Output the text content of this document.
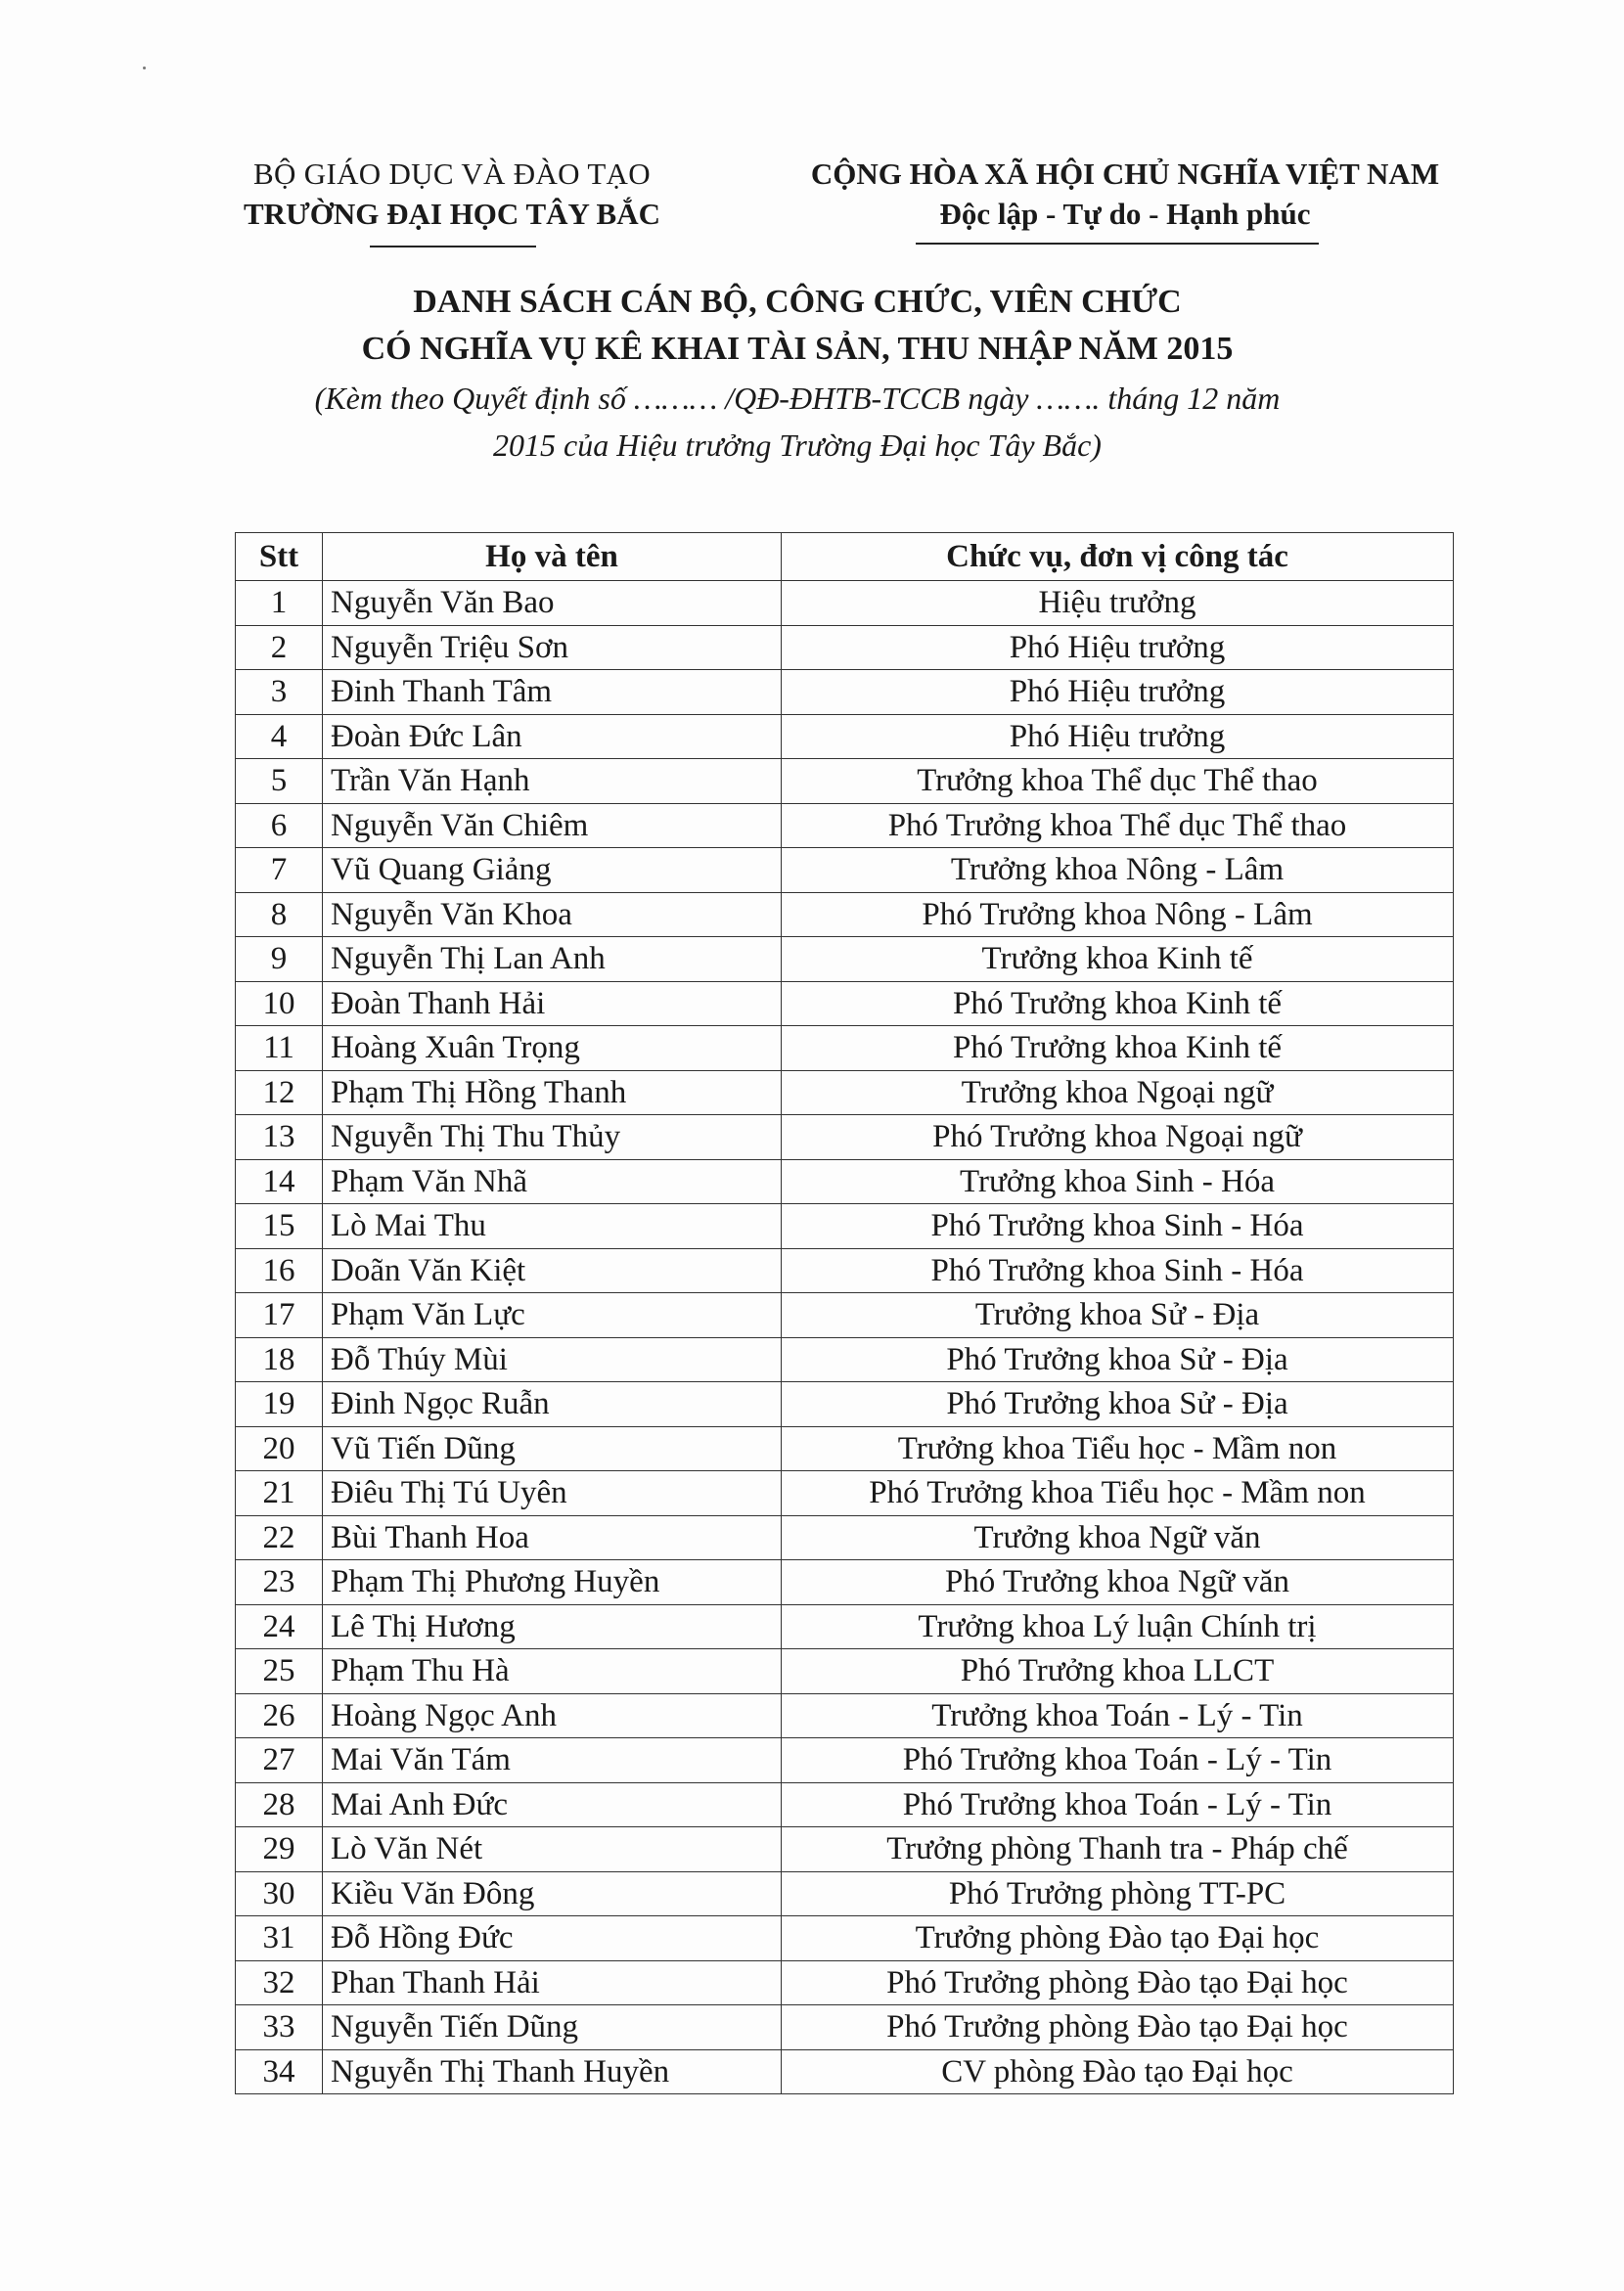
BỘ GIÁO DỤC VÀ ĐÀO TẠO
TRƯỜNG ĐẠI HỌC TÂY BẮC
CỘNG HÒA XÃ HỘI CHỦ NGHĨA VIỆT NAM
Độc lập - Tự do - Hạnh phúc
DANH SÁCH CÁN BỘ, CÔNG CHỨC, VIÊN CHỨC
CÓ NGHĨA VỤ KÊ KHAI TÀI SẢN, THU NHẬP NĂM 2015
(Kèm theo Quyết định số ……… /QĐ-ĐHTB-TCCB ngày ……. tháng 12 năm
2015 của Hiệu trưởng Trường Đại học Tây Bắc)
Stt	Họ và tên	Chức vụ, đơn vị công tác
1	Nguyễn Văn Bao	Hiệu trưởng
2	Nguyễn Triệu Sơn	Phó Hiệu trưởng
3	Đinh Thanh Tâm	Phó Hiệu trưởng
4	Đoàn Đức Lân	Phó Hiệu trưởng
5	Trần Văn Hạnh	Trưởng khoa Thể dục Thể thao
6	Nguyễn Văn Chiêm	Phó Trưởng khoa Thể dục Thể thao
7	Vũ Quang Giảng	Trưởng khoa Nông - Lâm
8	Nguyễn Văn Khoa	Phó Trưởng khoa Nông - Lâm
9	Nguyễn Thị Lan Anh	Trưởng khoa Kinh tế
10	Đoàn Thanh Hải	Phó Trưởng khoa Kinh tế
11	Hoàng Xuân Trọng	Phó Trưởng khoa Kinh tế
12	Phạm Thị Hồng Thanh	Trưởng khoa Ngoại ngữ
13	Nguyễn Thị Thu Thủy	Phó Trưởng khoa Ngoại ngữ
14	Phạm Văn Nhã	Trưởng khoa Sinh - Hóa
15	Lò Mai Thu	Phó Trưởng khoa Sinh - Hóa
16	Doãn Văn Kiệt	Phó Trưởng khoa Sinh - Hóa
17	Phạm Văn Lực	Trưởng khoa Sử - Địa
18	Đỗ Thúy Mùi	Phó Trưởng khoa Sử - Địa
19	Đinh Ngọc Ruẫn	Phó Trưởng khoa Sử - Địa
20	Vũ Tiến Dũng	Trưởng khoa Tiểu học - Mầm non
21	Điêu Thị Tú Uyên	Phó Trưởng khoa Tiểu học - Mầm non
22	Bùi Thanh Hoa	Trưởng khoa Ngữ văn
23	Phạm Thị Phương Huyền	Phó Trưởng khoa Ngữ văn
24	Lê Thị Hương	Trưởng khoa Lý luận Chính trị
25	Phạm Thu Hà	Phó Trưởng khoa LLCT
26	Hoàng Ngọc Anh	Trưởng khoa Toán - Lý - Tin
27	Mai Văn Tám	Phó Trưởng khoa Toán - Lý - Tin
28	Mai Anh Đức	Phó Trưởng khoa Toán - Lý - Tin
29	Lò Văn Nét	Trưởng phòng Thanh tra - Pháp chế
30	Kiều Văn Đông	Phó Trưởng phòng TT-PC
31	Đỗ Hồng Đức	Trưởng phòng Đào tạo Đại học
32	Phan Thanh Hải	Phó Trưởng phòng Đào tạo Đại học
33	Nguyễn Tiến Dũng	Phó Trưởng phòng Đào tạo Đại học
34	Nguyễn Thị Thanh Huyền	CV phòng Đào tạo Đại học
